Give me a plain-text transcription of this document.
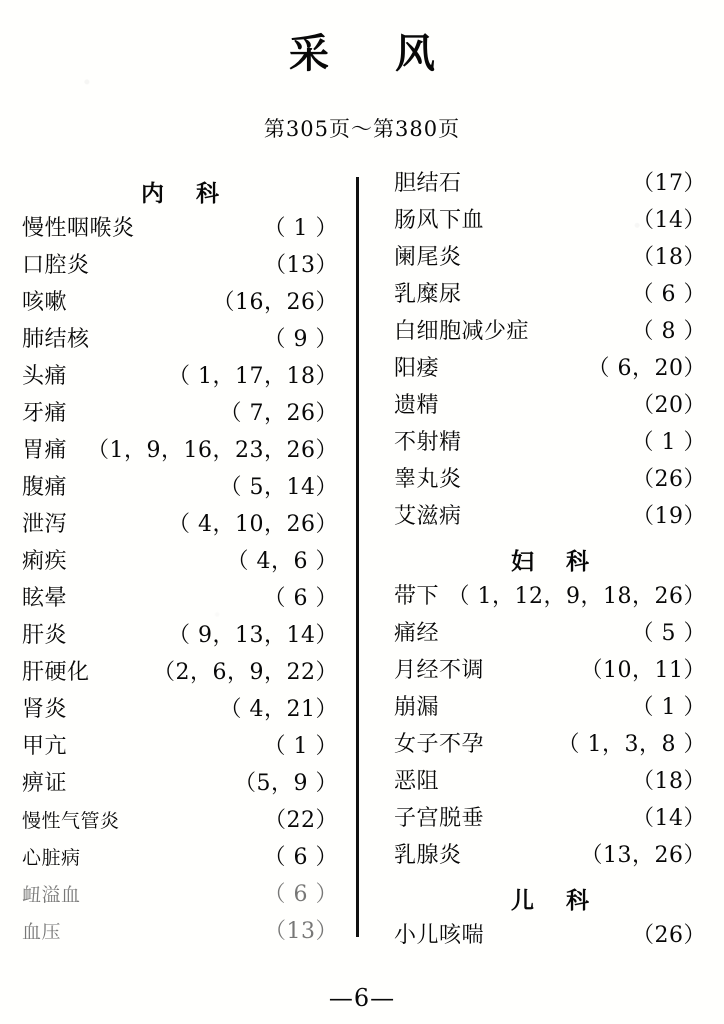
采 风
第305页～第380页
内 科
慢性咽喉炎	（ 1 ）
口腔炎	（13）
咳嗽	（16，26）
肺结核	（ 9 ）
头痛	（ 1，17，18）
牙痛	（ 7，26）
胃痛 （1，9，16，23，26）
腹痛	（ 5，14）
泄泻	（ 4，10，26）
痢疾	（ 4，6 ）
眩晕	（ 6 ）
肝炎	（ 9，13，14）
肝硬化	（2，6，9，22）
肾炎	（ 4，21）
甲亢	（ 1 ）
痹证	（5，9 ）
慢性气管炎	（22）
心脏病	（ 6 ）
衄溢血	（ 6 ）
血压	（13）
胆结石	（17）
肠风下血	（14）
阑尾炎	（18）
乳糜尿	（ 6 ）
白细胞减少症	（ 8 ）
阳痿	（ 6，20）
遗精	（20）
不射精	（ 1 ）
睾丸炎	（26）
艾滋病	（19）
妇 科
带下 （ 1，12，9，18，26）
痛经	（ 5 ）
月经不调	（10，11）
崩漏	（ 1 ）
女子不孕	（ 1，3，8 ）
恶阻	（18）
子宫脱垂	（14）
乳腺炎	（13，26）
儿 科
小儿咳喘	（26）
—6—
